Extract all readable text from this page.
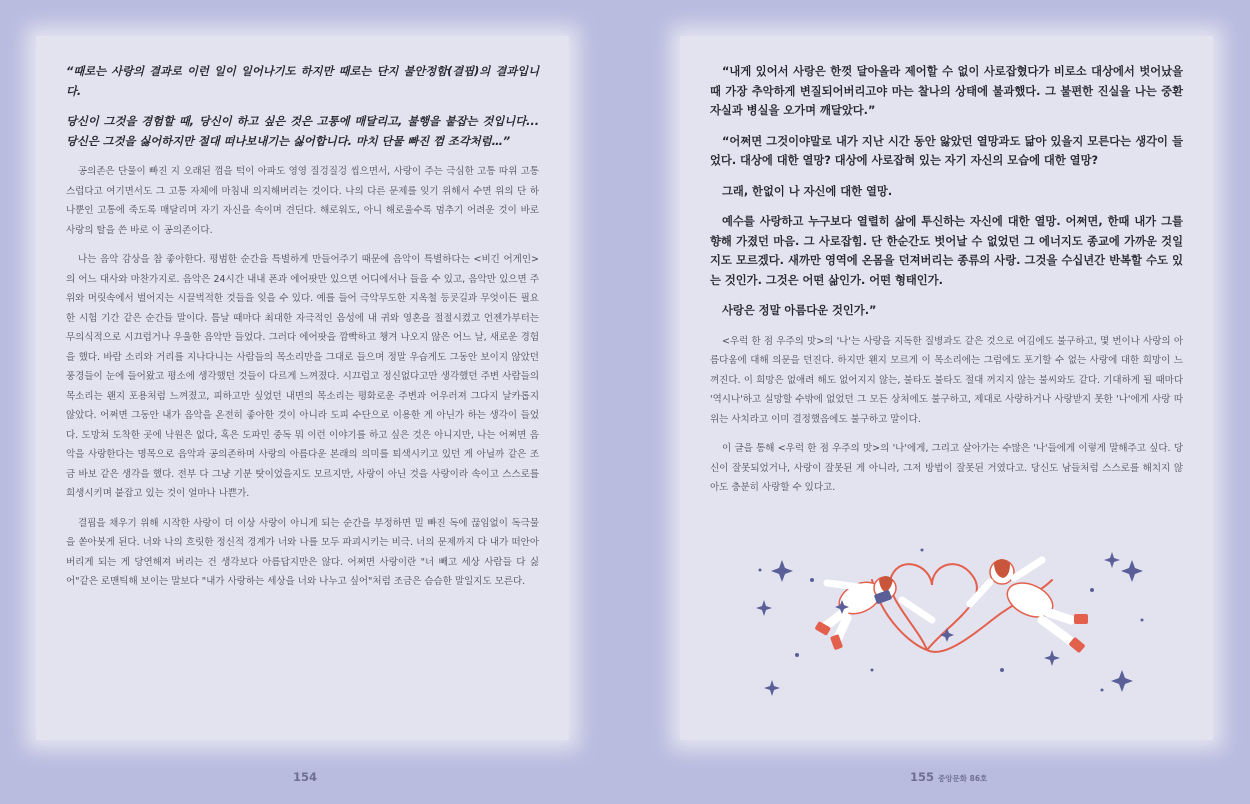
“때로는 사랑의 결과로 이런 일이 일어나기도 하지만 때로는 단지 불안정함(결핍)의 결과입니다.

당신이 그것을 경험할 때, 당신이 하고 싶은 것은 고통에 매달리고, 불행을 붙잡는 것입니다... 당신은 그것을 싫어하지만 절대 떠나보내기는 싫어합니다. 마치 단물 빠진 껌 조각처럼…”

공의존은 단물이 빠진 지 오래된 껌을 턱이 아파도 영영 질겅질겅 씹으면서, 사랑이 주는 극심한 고통 따위 고통스럽다고 여기면서도 그 고통 자체에 마침내 의지해버리는 것이다. 나의 다른 문제를 잊기 위해서 수면 위의 단 하나뿐인 고통에 죽도록 매달리며 자기 자신을 속이며 견딘다. 해로워도, 아니 해로울수록 멈추기 어려운 것이 바로 사랑의 탈을 쓴 바로 이 공의존이다.

나는 음악 감상을 참 좋아한다. 평범한 순간을 특별하게 만들어주기 때문에 음악이 특별하다는 <비긴 어게인>의 어느 대사와 마찬가지로. 음악은 24시간 내내 폰과 에어팟만 있으면 어디에서나 들을 수 있고, 음악만 있으면 주위와 머릿속에서 벌어지는 시끌벅적한 것들을 잊을 수 있다. 예를 들어 극악무도한 지옥철 등굣길과 무엇이든 필요한 시험 기간 같은 순간들 말이다. 틈날 때마다 최대한 자극적인 음성에 내 귀와 영혼을 절절시켰고 언젠가부터는 무의식적으로 시끄럽거나 우울한 음악만 들었다. 그러다 에어팟을 깜빡하고 챙겨 나오지 않은 어느 날, 새로운 경험을 했다. 바람 소리와 거리를 지나다니는 사람들의 목소리만을 그대로 들으며 정말 우습게도 그동안 보이지 않았던 풍경들이 눈에 들어왔고 평소에 생각했던 것들이 다르게 느껴졌다. 시끄럽고 정신없다고만 생각했던 주변 사람들의 목소리는 왠지 포용처럼 느껴졌고, 피하고만 싶었던 내면의 목소리는 평화로운 주변과 어우러져 그다지 날카롭지 않았다. 어쩌면 그동안 내가 음악을 온전히 좋아한 것이 아니라 도피 수단으로 이용한 게 아닌가 하는 생각이 들었다. 도망쳐 도착한 곳에 낙원은 없다, 혹은 도파민 중독 뭐 이런 이야기를 하고 싶은 것은 아니지만, 나는 어쩌면 음악을 사랑한다는 명목으로 음악과 공의존하며 사랑의 아름다운 본래의 의미를 퇴색시키고 있던 게 아닐까 같은 조금 바보 같은 생각을 했다. 전부 다 그냥 기분 탓이었을지도 모르지만, 사랑이 아닌 것을 사랑이라 속이고 스스로를 희생시키며 붙잡고 있는 것이 얼마나 나쁜가.

결핍을 채우기 위해 시작한 사랑이 더 이상 사랑이 아니게 되는 순간을 부정하면 밑 빠진 독에 끊임없이 독극물을 쏟아붓게 된다. 너와 나의 흐릿한 정신적 경계가 너와 나를 모두 파괴시키는 비극. 너의 문제까지 다 내가 떠안아버리게 되는 게 당연해져 버리는 건 생각보다 아름답지만은 않다. 어쩌면 사랑이란 "너 빼고 세상 사람들 다 싫어"같은 로맨틱해 보이는 말보다 "내가 사랑하는 세상을 너와 나누고 싶어"처럼 조금은 슴슴한 말일지도 모른다.

“내게 있어서 사랑은 한껏 달아올라 제어할 수 없이 사로잡혔다가 비로소 대상에서 벗어났을 때 가장 추악하게 변질되어버리고야 마는 찰나의 상태에 불과했다. 그 불편한 진실을 나는 중환자실과 병실을 오가며 깨달았다.”

“어쩌면 그것이야말로 내가 지난 시간 동안 앓았던 열망과도 닮아 있을지 모른다는 생각이 들었다. 대상에 대한 열망? 대상에 사로잡혀 있는 자기 자신의 모습에 대한 열망?

그래, 한없이 나 자신에 대한 열망.

예수를 사랑하고 누구보다 열렬히 삶에 투신하는 자신에 대한 열망. 어쩌면, 한때 내가 그를 향해 가졌던 마음. 그 사로잡힘. 단 한순간도 벗어날 수 없었던 그 에너지도 종교에 가까운 것일지도 모르겠다. 새까만 영역에 온몸을 던져버리는 종류의 사랑. 그것을 수십년간 반복할 수도 있는 것인가. 그것은 어떤 삶인가. 어떤 형태인가.

사랑은 정말 아름다운 것인가.”

<우럭 한 점 우주의 맛>의 '나'는 사랑을 지독한 질병과도 같은 것으로 여김에도 불구하고, 몇 번이나 사랑의 아름다움에 대해 의문을 던진다. 하지만 왠지 모르게 이 목소리에는 그럼에도 포기할 수 없는 사랑에 대한 희망이 느껴진다. 이 희망은 없애려 해도 없어지지 않는, 불타도 불타도 절대 꺼지지 않는 불씨와도 같다. 기대하게 될 때마다 '역시나'하고 실망할 수밖에 없었던 그 모든 상처에도 불구하고, 제대로 사랑하거나 사랑받지 못한 '나'에게 사랑 따위는 사치라고 이미 결정했음에도 불구하고 말이다.

이 글을 통해 <우럭 한 점 우주의 맛>의 '나'에게, 그리고 살아가는 수많은 '나'들에게 이렇게 말해주고 싶다. 당신이 잘못되었거나, 사랑이 잘못된 게 아니라, 그저 방법이 잘못된 거였다고. 당신도 남들처럼 스스로를 해치지 않아도 충분히 사랑할 수 있다고.

154	155 중앙문화 86호
